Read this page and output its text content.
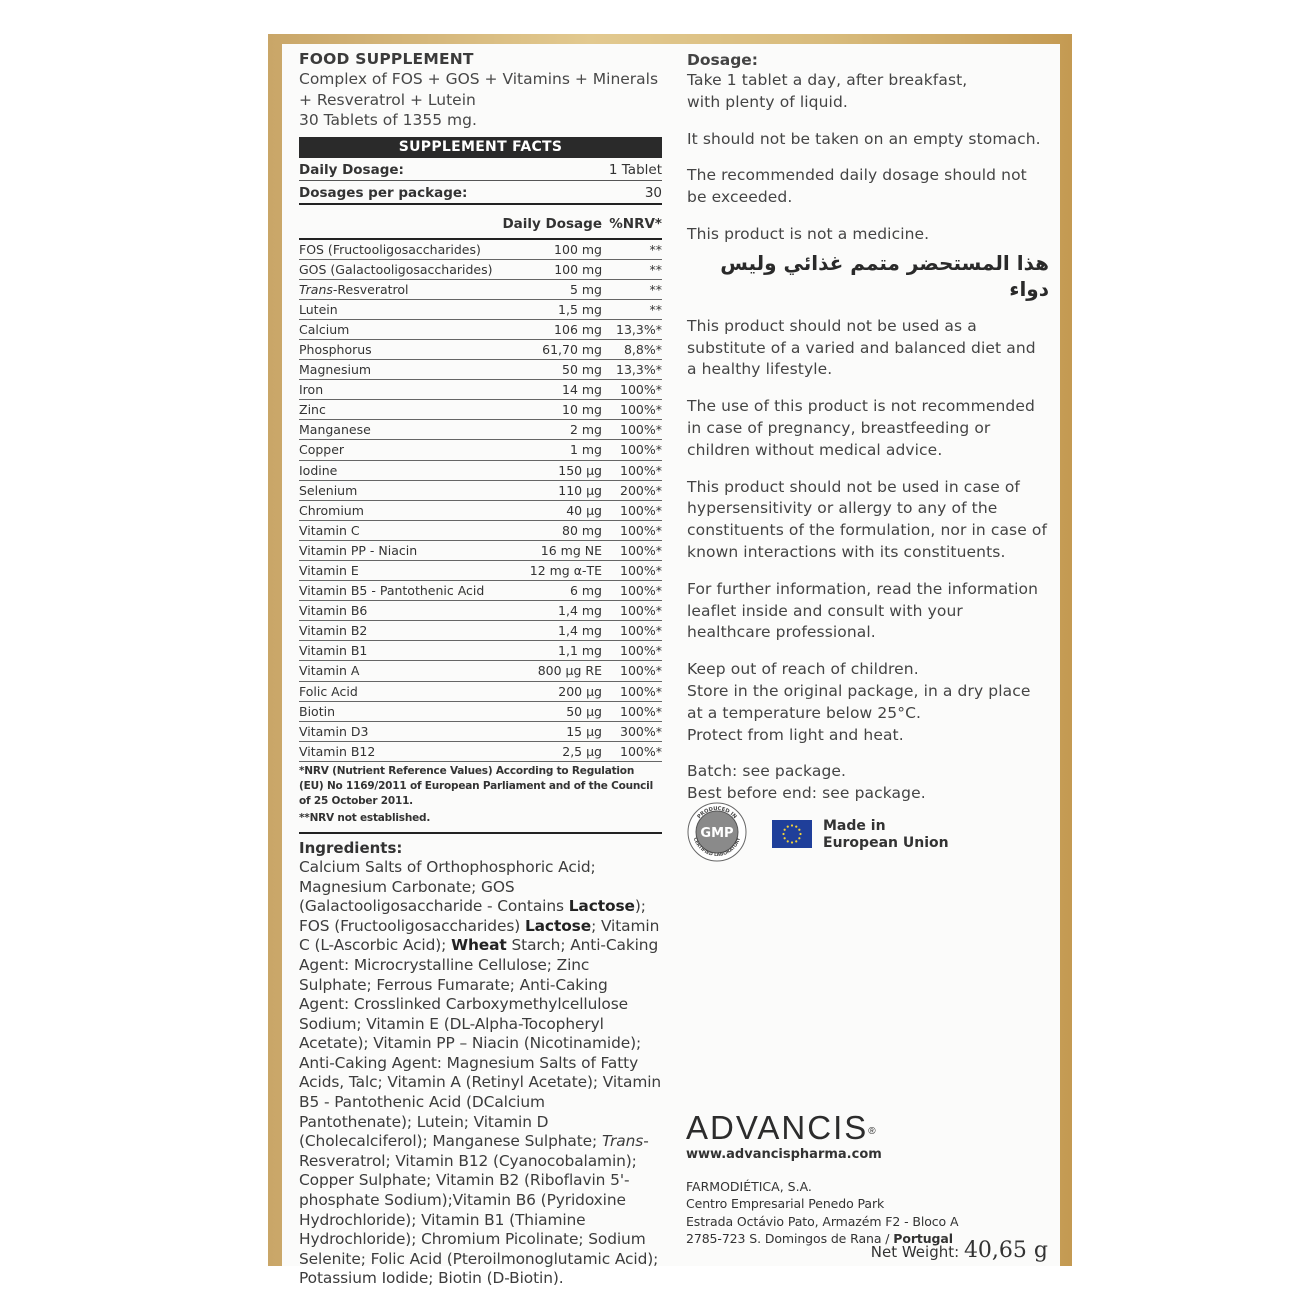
FOOD SUPPLEMENT
Complex of FOS + GOS + Vitamins + Minerals
+ Resveratrol + Lutein
30 Tablets of 1355 mg.
SUPPLEMENT FACTS
Daily Dosage:	1 Tablet
Dosages per package:	30
Daily Dosage %NRV*
FOS (Fructooligosaccharides)	100 mg	**
GOS (Galactooligosaccharides)	100 mg	**
Trans-Resveratrol	5 mg	**
Lutein	1,5 mg	**
Calcium	106 mg	13,3%*
Phosphorus	61,70 mg	8,8%*
Magnesium	50 mg	13,3%*
Iron	14 mg	100%*
Zinc	10 mg	100%*
Manganese	2 mg	100%*
Copper	1 mg	100%*
Iodine	150 µg	100%*
Selenium	110 µg	200%*
Chromium	40 µg	100%*
Vitamin C	80 mg	100%*
Vitamin PP - Niacin	16 mg NE	100%*
Vitamin E	12 mg α-TE	100%*
Vitamin B5 - Pantothenic Acid	6 mg	100%*
Vitamin B6	1,4 mg	100%*
Vitamin B2	1,4 mg	100%*
Vitamin B1	1,1 mg	100%*
Vitamin A	800 µg RE	100%*
Folic Acid	200 µg	100%*
Biotin	50 µg	100%*
Vitamin D3	15 µg	300%*
Vitamin B12	2,5 µg	100%*
*NRV (Nutrient Reference Values) According to Regulation (EU) No 1169/2011 of European Parliament and of the Council of 25 October 2011.
**NRV not established.
Ingredients:
Calcium Salts of Orthophosphoric Acid; Magnesium Carbonate; GOS (Galactooligosaccharide - Contains Lactose); FOS (Fructooligosaccharides) Lactose; Vitamin C (L-Ascorbic Acid); Wheat Starch; Anti-Caking Agent: Microcrystalline Cellulose; Zinc Sulphate; Ferrous Fumarate; Anti-Caking Agent: Crosslinked Carboxymethylcellulose Sodium; Vitamin E (DL-Alpha-Tocopheryl Acetate); Vitamin PP – Niacin (Nicotinamide); Anti-Caking Agent: Magnesium Salts of Fatty Acids, Talc; Vitamin A (Retinyl Acetate); Vitamin B5 - Pantothenic Acid (DCalcium Pantothenate); Lutein; Vitamin D (Cholecalciferol); Manganese Sulphate; Trans-Resveratrol; Vitamin B12 (Cyanocobalamin); Copper Sulphate; Vitamin B2 (Riboflavin 5'-phosphate Sodium);Vitamin B6 (Pyridoxine Hydrochloride); Vitamin B1 (Thiamine Hydrochloride); Chromium Picolinate; Sodium Selenite; Folic Acid (Pteroilmonoglutamic Acid); Potassium Iodide; Biotin (D-Biotin).
Dosage:

Take 1 tablet a day, after breakfast,
with plenty of liquid.

It should not be taken on an empty stomach.

The recommended daily dosage should not be exceeded.

This product is not a medicine.

هذا المستحضر متمم غذائي وليس دواء

This product should not be used as a substitute of a varied and balanced diet and a healthy lifestyle.

The use of this product is not recommended in case of pregnancy, breastfeeding or children without medical advice.

This product should not be used in case of hypersensitivity or allergy to any of the constituents of the formulation, nor in case of known interactions with its constituents.

For further information, read the information leaflet inside and consult with your healthcare professional.

Keep out of reach of children.
Store in the original package, in a dry place at a temperature below 25°C.
Protect from light and heat.

Batch: see package.
Best before end: see package.

PRODUCED IN
CERTIFIED LABORATORY
GMP	Made in
European Union
ADVANCIS®
www.advancispharma.com
FARMODIÉTICA, S.A.
Centro Empresarial Penedo Park
Estrada Octávio Pato, Armazém F2 - Bloco A
2785-723 S. Domingos de Rana / Portugal
Net Weight: 40,65 g
